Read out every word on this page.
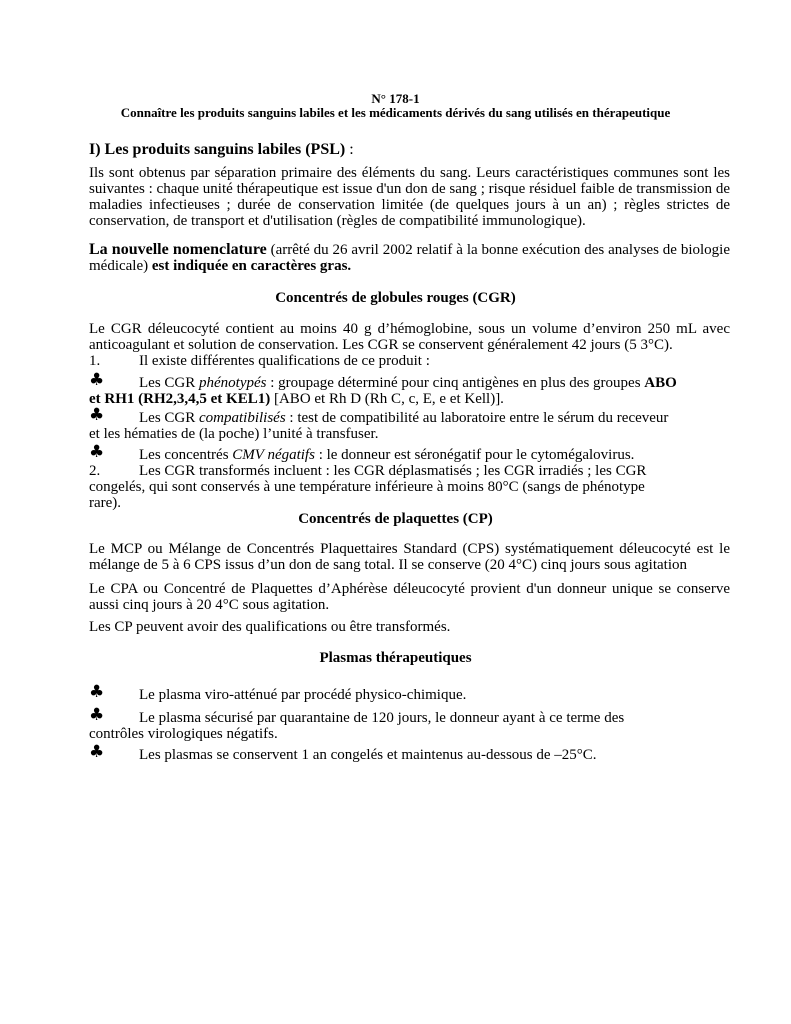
N° 178-1

Connaître les produits sanguins labiles et les médicaments dérivés du sang utilisés en thérapeutique

I) Les produits sanguins labiles (PSL) :

Ils sont obtenus par séparation primaire des éléments du sang. Leurs caractéristiques communes sont les suivantes : chaque unité thérapeutique est issue d'un don de sang ; risque résiduel faible de transmission de maladies infectieuses ; durée de conservation limitée (de quelques jours à un an) ; règles strictes de conservation, de transport et d'utilisation (règles de compatibilité immunologique).

La nouvelle nomenclature (arrêté du 26 avril 2002 relatif à la bonne exécution des analyses de biologie médicale) est indiquée en caractères gras.

Concentrés de globules rouges (CGR)

Le CGR déleucocyté contient au moins 40 g d’hémoglobine, sous un volume d’environ 250 mL avec anticoagulant et solution de conservation. Les CGR se conservent généralement 42 jours (5 3°C).

1.	Il existe différentes qualifications de ce produit :

♣ Les CGR phénotypés : groupage déterminé pour cinq antigènes en plus des groupes ABO

et RH1 (RH2,3,4,5 et KEL1) [ABO et Rh D (Rh C, c, E, e et Kell)].

♣ Les CGR compatibilisés : test de compatibilité au laboratoire entre le sérum du receveur

et les hématies de (la poche) l’unité à transfuser.

♣ Les concentrés CMV négatifs : le donneur est séronégatif pour le cytomégalovirus.

2.	Les CGR transformés incluent : les CGR déplasmatisés ; les CGR irradiés ; les CGR

congelés, qui sont conservés à une température inférieure à moins 80°C (sangs de phénotype

rare).

Concentrés de plaquettes (CP)

Le MCP ou Mélange de Concentrés Plaquettaires Standard (CPS) systématiquement déleucocyté est le mélange de 5 à 6 CPS issus d’un don de sang total. Il se conserve (20 4°C) cinq jours sous agitation

Le CPA ou Concentré de Plaquettes d’Aphérèse déleucocyté provient d'un donneur unique se conserve aussi cinq jours à 20 4°C sous agitation.

Les CP peuvent avoir des qualifications ou être transformés.

Plasmas thérapeutiques

♣ Le plasma viro-atténué par procédé physico-chimique.

♣ Le plasma sécurisé par quarantaine de 120 jours, le donneur ayant à ce terme des

contrôles virologiques négatifs.

♣ Les plasmas se conservent 1 an congelés et maintenus au-dessous de –25°C.
